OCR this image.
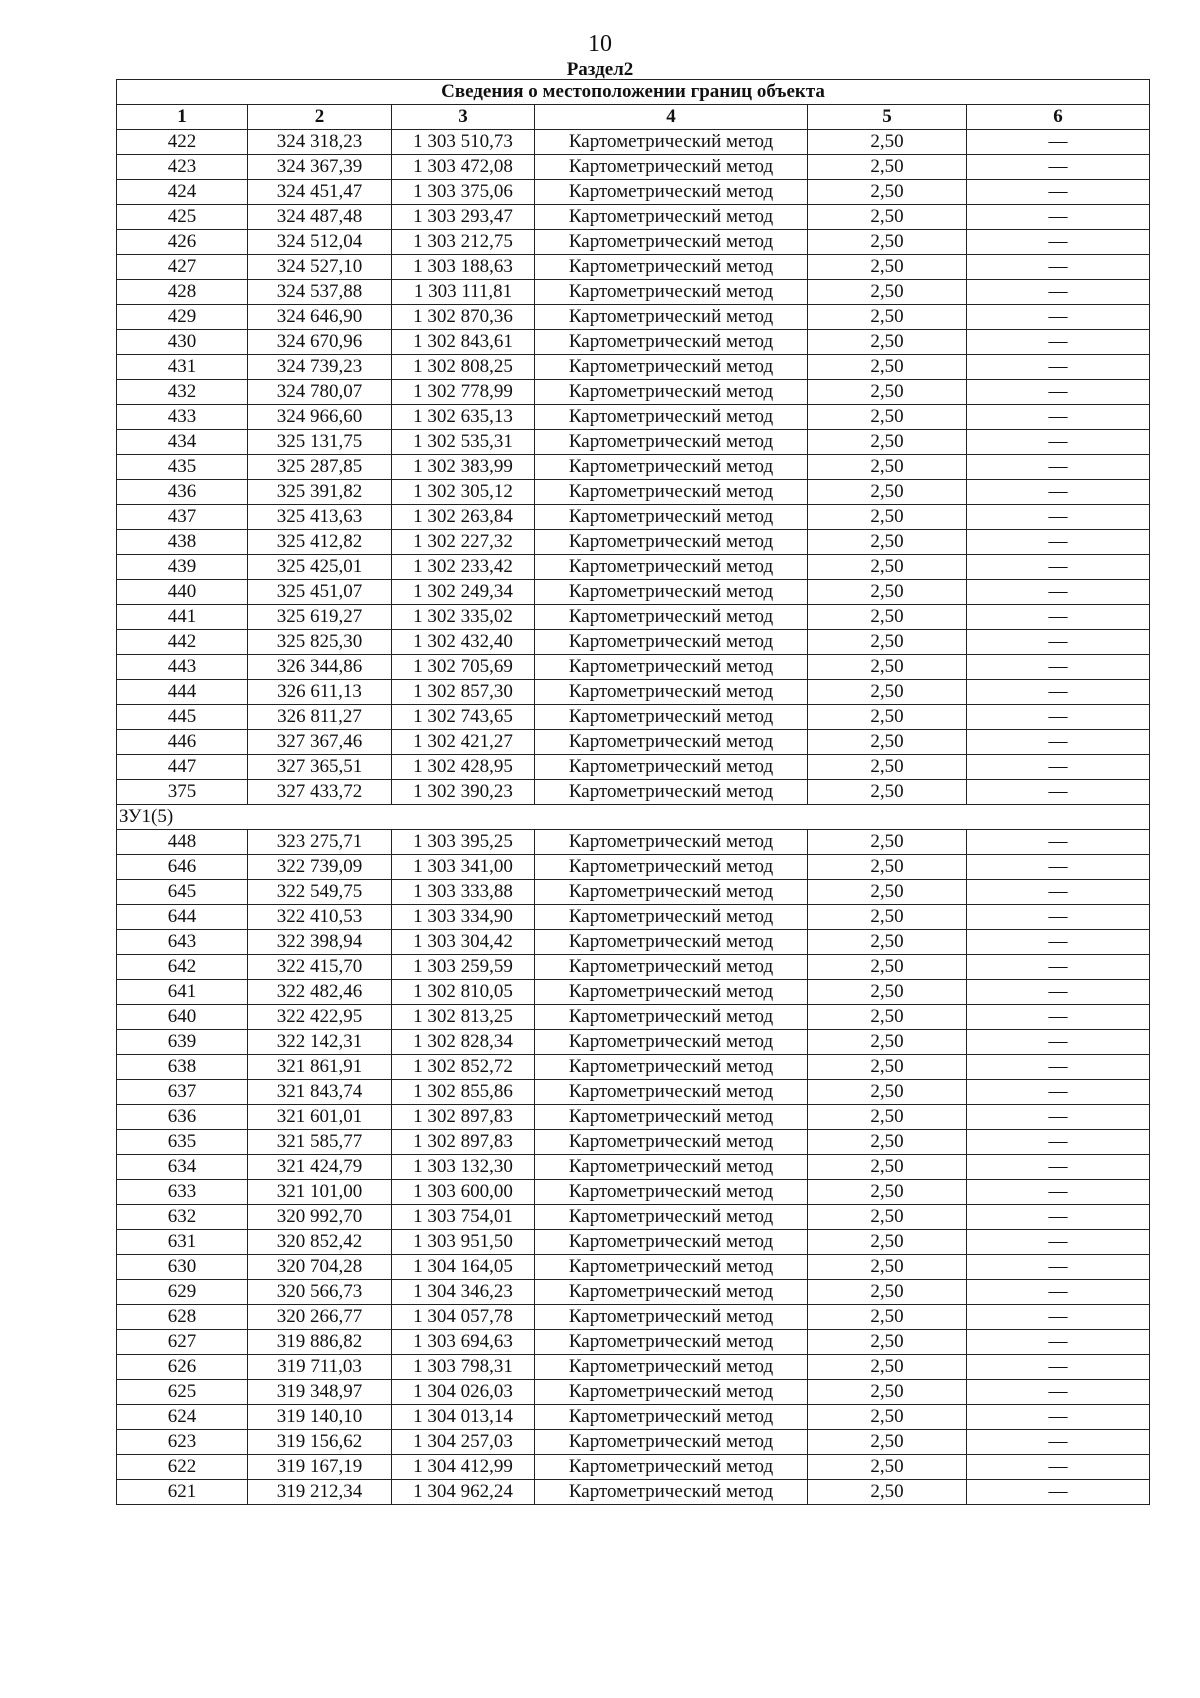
10
Раздел2
Сведения о местоположении границ объекта					
1	2	3	4	5	6
422	324 318,23	1 303 510,73	Картометрический метод	2,50	—
423	324 367,39	1 303 472,08	Картометрический метод	2,50	—
424	324 451,47	1 303 375,06	Картометрический метод	2,50	—
425	324 487,48	1 303 293,47	Картометрический метод	2,50	—
426	324 512,04	1 303 212,75	Картометрический метод	2,50	—
427	324 527,10	1 303 188,63	Картометрический метод	2,50	—
428	324 537,88	1 303 111,81	Картометрический метод	2,50	—
429	324 646,90	1 302 870,36	Картометрический метод	2,50	—
430	324 670,96	1 302 843,61	Картометрический метод	2,50	—
431	324 739,23	1 302 808,25	Картометрический метод	2,50	—
432	324 780,07	1 302 778,99	Картометрический метод	2,50	—
433	324 966,60	1 302 635,13	Картометрический метод	2,50	—
434	325 131,75	1 302 535,31	Картометрический метод	2,50	—
435	325 287,85	1 302 383,99	Картометрический метод	2,50	—
436	325 391,82	1 302 305,12	Картометрический метод	2,50	—
437	325 413,63	1 302 263,84	Картометрический метод	2,50	—
438	325 412,82	1 302 227,32	Картометрический метод	2,50	—
439	325 425,01	1 302 233,42	Картометрический метод	2,50	—
440	325 451,07	1 302 249,34	Картометрический метод	2,50	—
441	325 619,27	1 302 335,02	Картометрический метод	2,50	—
442	325 825,30	1 302 432,40	Картометрический метод	2,50	—
443	326 344,86	1 302 705,69	Картометрический метод	2,50	—
444	326 611,13	1 302 857,30	Картометрический метод	2,50	—
445	326 811,27	1 302 743,65	Картометрический метод	2,50	—
446	327 367,46	1 302 421,27	Картометрический метод	2,50	—
447	327 365,51	1 302 428,95	Картометрический метод	2,50	—
375	327 433,72	1 302 390,23	Картометрический метод	2,50	—
ЗУ1(5)					
448	323 275,71	1 303 395,25	Картометрический метод	2,50	—
646	322 739,09	1 303 341,00	Картометрический метод	2,50	—
645	322 549,75	1 303 333,88	Картометрический метод	2,50	—
644	322 410,53	1 303 334,90	Картометрический метод	2,50	—
643	322 398,94	1 303 304,42	Картометрический метод	2,50	—
642	322 415,70	1 303 259,59	Картометрический метод	2,50	—
641	322 482,46	1 302 810,05	Картометрический метод	2,50	—
640	322 422,95	1 302 813,25	Картометрический метод	2,50	—
639	322 142,31	1 302 828,34	Картометрический метод	2,50	—
638	321 861,91	1 302 852,72	Картометрический метод	2,50	—
637	321 843,74	1 302 855,86	Картометрический метод	2,50	—
636	321 601,01	1 302 897,83	Картометрический метод	2,50	—
635	321 585,77	1 302 897,83	Картометрический метод	2,50	—
634	321 424,79	1 303 132,30	Картометрический метод	2,50	—
633	321 101,00	1 303 600,00	Картометрический метод	2,50	—
632	320 992,70	1 303 754,01	Картометрический метод	2,50	—
631	320 852,42	1 303 951,50	Картометрический метод	2,50	—
630	320 704,28	1 304 164,05	Картометрический метод	2,50	—
629	320 566,73	1 304 346,23	Картометрический метод	2,50	—
628	320 266,77	1 304 057,78	Картометрический метод	2,50	—
627	319 886,82	1 303 694,63	Картометрический метод	2,50	—
626	319 711,03	1 303 798,31	Картометрический метод	2,50	—
625	319 348,97	1 304 026,03	Картометрический метод	2,50	—
624	319 140,10	1 304 013,14	Картометрический метод	2,50	—
623	319 156,62	1 304 257,03	Картометрический метод	2,50	—
622	319 167,19	1 304 412,99	Картометрический метод	2,50	—
621	319 212,34	1 304 962,24	Картометрический метод	2,50	—
